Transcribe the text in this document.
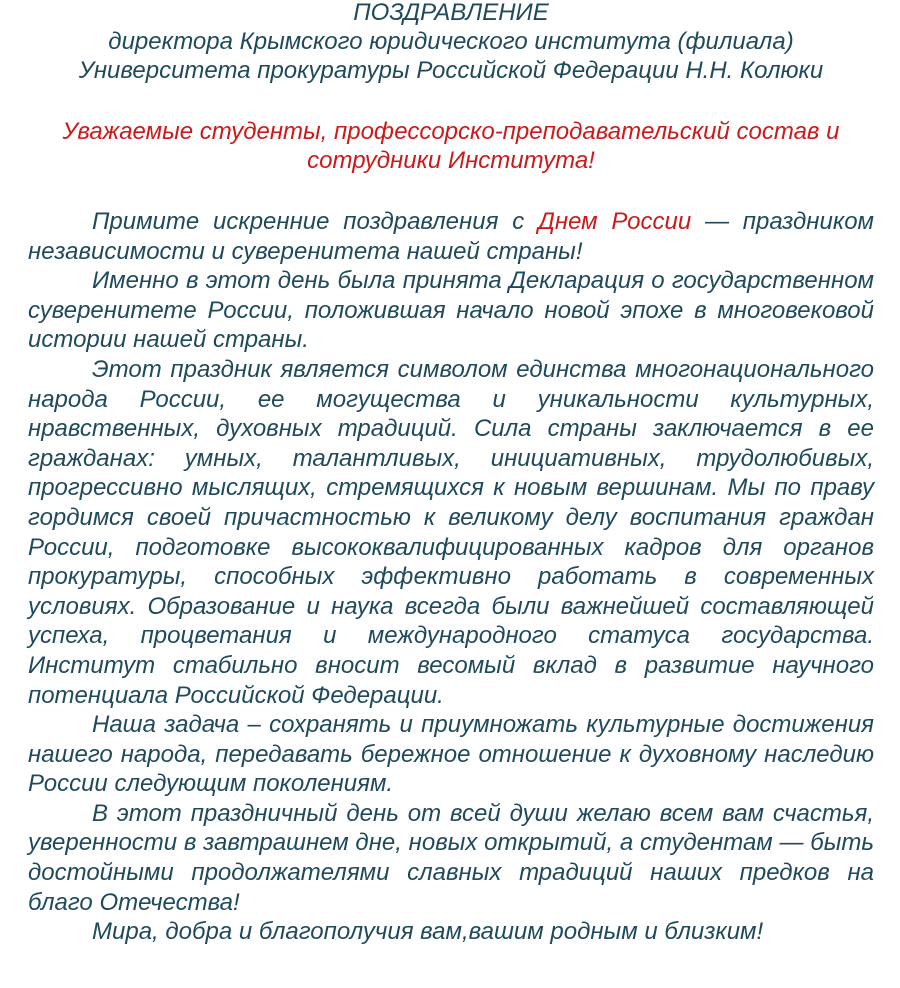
ПОЗДРАВЛЕНИЕ
директора Крымского юридического института (филиала)
Университета прокуратуры Российской Федерации Н.Н. Колюки
Уважаемые студенты, профессорско-преподавательский состав и
сотрудники Института!

Примите искренние поздравления с Днем России — праздником независимости и суверенитета нашей страны!

Именно в этот день была принята Декларация о государственном суверенитете России, положившая начало новой эпохе в многовековой истории нашей страны.

Этот праздник является символом единства многонационального народа России, ее могущества и уникальности культурных, нравственных, духовных традиций. Сила страны заключается в ее гражданах: умных, талантливых, инициативных, трудолюбивых, прогрессивно мыслящих, стремящихся к новым вершинам. Мы по праву гордимся своей причастностью к великому делу воспитания граждан России, подготовке высококвалифицированных кадров для органов прокуратуры, способных эффективно работать в современных условиях. Образование и наука всегда были важнейшей составляющей успеха, процветания и международного статуса государства. Институт стабильно вносит весомый вклад в развитие научного потенциала Российской Федерации.

Наша задача – сохранять и приумножать культурные достижения нашего народа, передавать бережное отношение к духовному наследию России следующим поколениям.

В этот праздничный день от всей души желаю всем вам счастья, уверенности в завтрашнем дне, новых открытий, а студентам — быть достойными продолжателями славных традиций наших предков на благо Отечества!

Мира, добра и благополучия вам,вашим родным и близким!
